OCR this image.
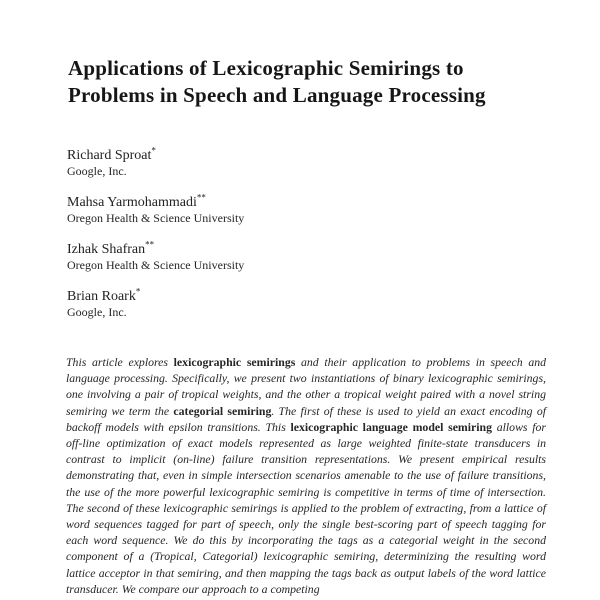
Applications of Lexicographic Semirings to
Problems in Speech and Language Processing
Richard Sproat*
Google, Inc.
Mahsa Yarmohammadi**
Oregon Health & Science University
Izhak Shafran**
Oregon Health & Science University
Brian Roark*
Google, Inc.

This article explores lexicographic semirings and their application to problems in speech and language processing. Specifically, we present two instantiations of binary lexicographic semirings, one involving a pair of tropical weights, and the other a tropical weight paired with a novel string semiring we term the categorial semiring. The first of these is used to yield an exact encoding of backoff models with epsilon transitions. This lexicographic language model semiring allows for off-line optimization of exact models represented as large weighted finite-state transducers in contrast to implicit (on-line) failure transition representations. We present empirical results demonstrating that, even in simple intersection scenarios amenable to the use of failure transitions, the use of the more powerful lexicographic semiring is competitive in terms of time of intersection. The second of these lexicographic semirings is applied to the problem of extracting, from a lattice of word sequences tagged for part of speech, only the single best-scoring part of speech tagging for each word sequence. We do this by incorporating the tags as a categorial weight in the second component of a (Tropical, Categorial) lexicographic semiring, determinizing the resulting word lattice acceptor in that semiring, and then mapping the tags back as output labels of the word lattice transducer. We compare our approach to a competing
